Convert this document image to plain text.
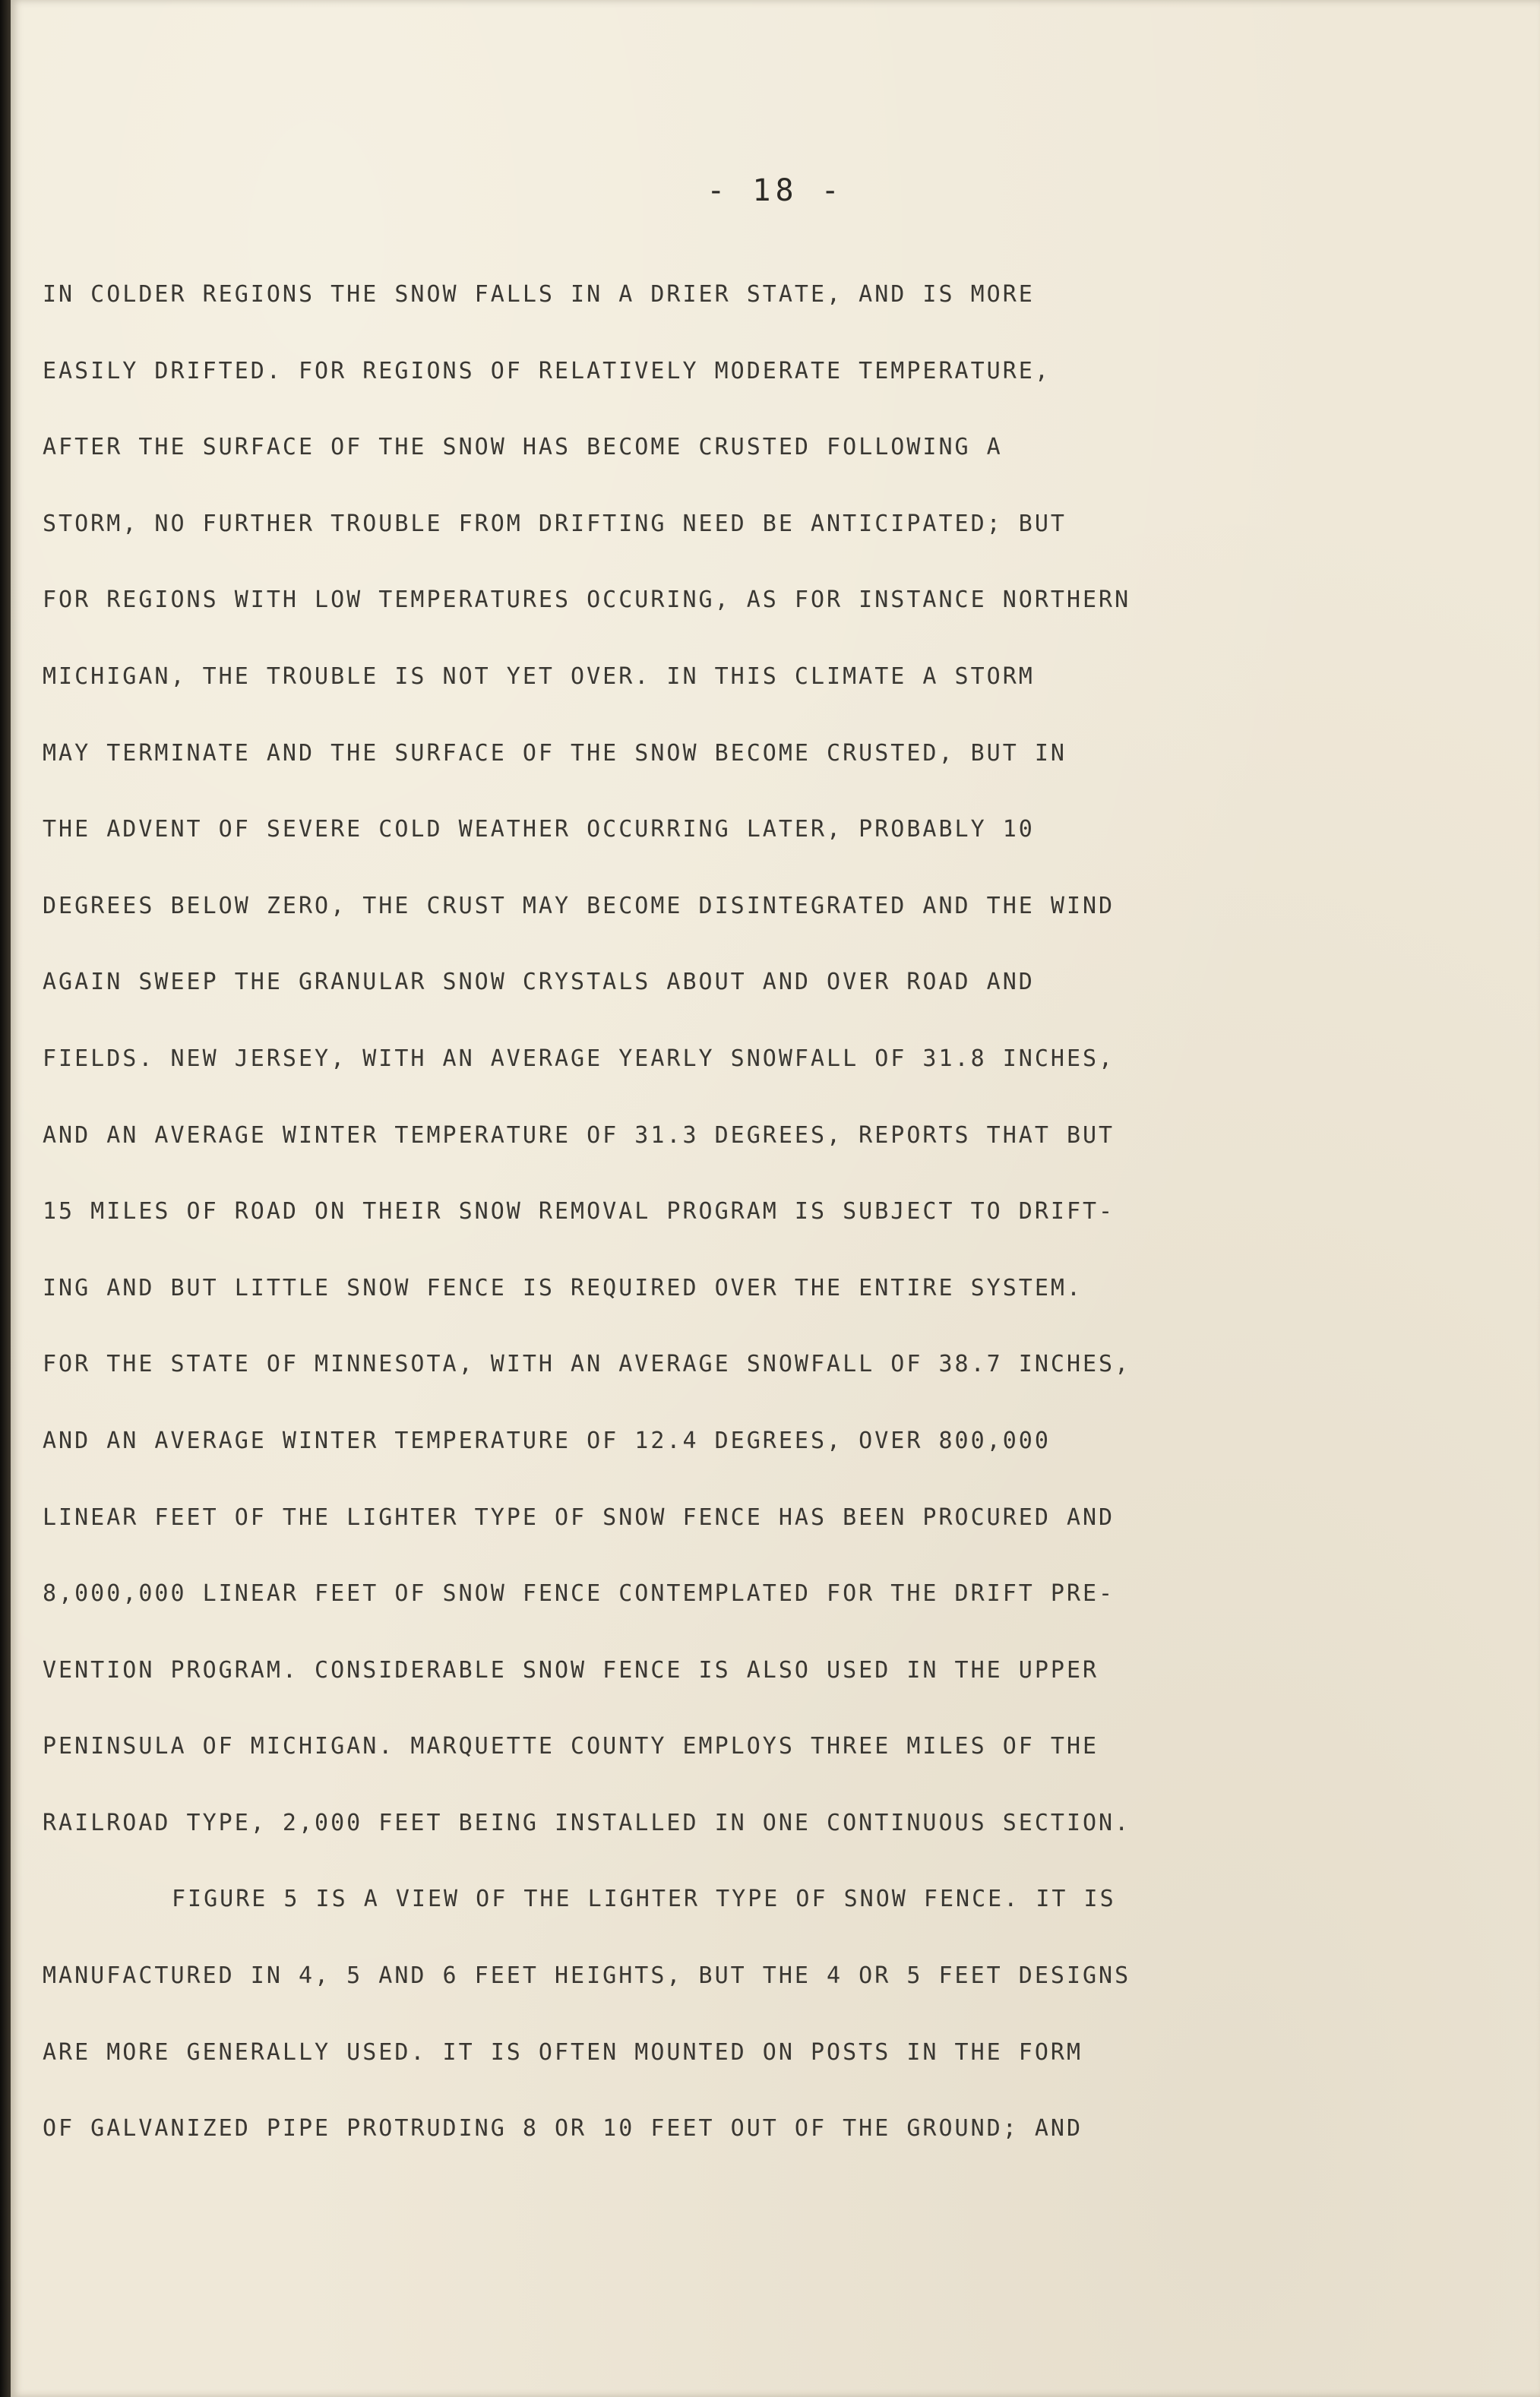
- 18 -
IN COLDER REGIONS THE SNOW FALLS IN A DRIER STATE, AND IS MORE
EASILY DRIFTED. FOR REGIONS OF RELATIVELY MODERATE TEMPERATURE,
AFTER THE SURFACE OF THE SNOW HAS BECOME CRUSTED FOLLOWING A
STORM, NO FURTHER TROUBLE FROM DRIFTING NEED BE ANTICIPATED; BUT
FOR REGIONS WITH LOW TEMPERATURES OCCURING, AS FOR INSTANCE NORTHERN
MICHIGAN, THE TROUBLE IS NOT YET OVER. IN THIS CLIMATE A STORM
MAY TERMINATE AND THE SURFACE OF THE SNOW BECOME CRUSTED, BUT IN
THE ADVENT OF SEVERE COLD WEATHER OCCURRING LATER, PROBABLY 10
DEGREES BELOW ZERO, THE CRUST MAY BECOME DISINTEGRATED AND THE WIND
AGAIN SWEEP THE GRANULAR SNOW CRYSTALS ABOUT AND OVER ROAD AND
FIELDS. NEW JERSEY, WITH AN AVERAGE YEARLY SNOWFALL OF 31.8 INCHES,
AND AN AVERAGE WINTER TEMPERATURE OF 31.3 DEGREES, REPORTS THAT BUT
15 MILES OF ROAD ON THEIR SNOW REMOVAL PROGRAM IS SUBJECT TO DRIFT-
ING AND BUT LITTLE SNOW FENCE IS REQUIRED OVER THE ENTIRE SYSTEM.
FOR THE STATE OF MINNESOTA, WITH AN AVERAGE SNOWFALL OF 38.7 INCHES,
AND AN AVERAGE WINTER TEMPERATURE OF 12.4 DEGREES, OVER 800,000
LINEAR FEET OF THE LIGHTER TYPE OF SNOW FENCE HAS BEEN PROCURED AND
8,000,000 LINEAR FEET OF SNOW FENCE CONTEMPLATED FOR THE DRIFT PRE-
VENTION PROGRAM. CONSIDERABLE SNOW FENCE IS ALSO USED IN THE UPPER
PENINSULA OF MICHIGAN. MARQUETTE COUNTY EMPLOYS THREE MILES OF THE
RAILROAD TYPE, 2,000 FEET BEING INSTALLED IN ONE CONTINUOUS SECTION.
FIGURE 5 IS A VIEW OF THE LIGHTER TYPE OF SNOW FENCE. IT IS
MANUFACTURED IN 4, 5 AND 6 FEET HEIGHTS, BUT THE 4 OR 5 FEET DESIGNS
ARE MORE GENERALLY USED. IT IS OFTEN MOUNTED ON POSTS IN THE FORM
OF GALVANIZED PIPE PROTRUDING 8 OR 10 FEET OUT OF THE GROUND; AND
